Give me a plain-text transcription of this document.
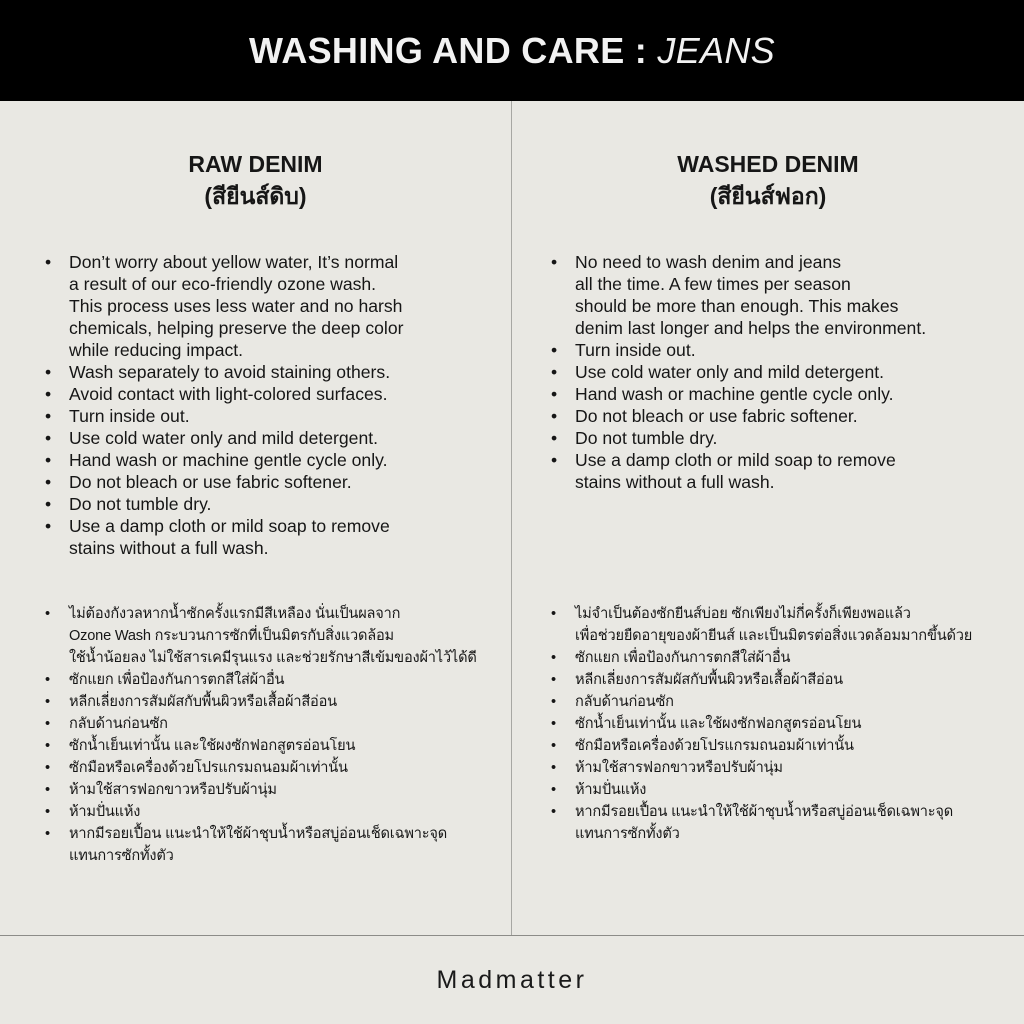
WASHING AND CARE : JEANS
RAW DENIM
(สียีนส์ดิบ)
• Don’t worry about yellow water, It’s normal
a result of our eco-friendly ozone wash.
This process uses less water and no harsh
chemicals, helping preserve the deep color
while reducing impact.
• Wash separately to avoid staining others.
• Avoid contact with light-colored surfaces.
• Turn inside out.
• Use cold water only and mild detergent.
• Hand wash or machine gentle cycle only.
• Do not bleach or use fabric softener.
• Do not tumble dry.
• Use a damp cloth or mild soap to remove
stains without a full wash.
• ไม่ต้องกังวลหากน้ำซักครั้งแรกมีสีเหลือง นั่นเป็นผลจาก
Ozone Wash กระบวนการซักที่เป็นมิตรกับสิ่งแวดล้อม
ใช้น้ำน้อยลง ไม่ใช้สารเคมีรุนแรง และช่วยรักษาสีเข้มของผ้าไว้ได้ดี
• ซักแยก เพื่อป้องกันการตกสีใส่ผ้าอื่น
• หลีกเลี่ยงการสัมผัสกับพื้นผิวหรือเสื้อผ้าสีอ่อน
• กลับด้านก่อนซัก
• ซักน้ำเย็นเท่านั้น และใช้ผงซักฟอกสูตรอ่อนโยน
• ซักมือหรือเครื่องด้วยโปรแกรมถนอมผ้าเท่านั้น
• ห้ามใช้สารฟอกขาวหรือปรับผ้านุ่ม
• ห้ามปั่นแห้ง
• หากมีรอยเปื้อน แนะนำให้ใช้ผ้าชุบน้ำหรือสบู่อ่อนเช็ดเฉพาะจุด
แทนการซักทั้งตัว
WASHED DENIM
(สียีนส์ฟอก)
• No need to wash denim and jeans
all the time. A few times per season
should be more than enough. This makes
denim last longer and helps the environment.
• Turn inside out.
• Use cold water only and mild detergent.
• Hand wash or machine gentle cycle only.
• Do not bleach or use fabric softener.
• Do not tumble dry.
• Use a damp cloth or mild soap to remove
stains without a full wash.
• ไม่จำเป็นต้องซักยีนส์บ่อย ซักเพียงไม่กี่ครั้งก็เพียงพอแล้ว
เพื่อช่วยยืดอายุของผ้ายีนส์ และเป็นมิตรต่อสิ่งแวดล้อมมากขึ้นด้วย
• ซักแยก เพื่อป้องกันการตกสีใส่ผ้าอื่น
• หลีกเลี่ยงการสัมผัสกับพื้นผิวหรือเสื้อผ้าสีอ่อน
• กลับด้านก่อนซัก
• ซักน้ำเย็นเท่านั้น และใช้ผงซักฟอกสูตรอ่อนโยน
• ซักมือหรือเครื่องด้วยโปรแกรมถนอมผ้าเท่านั้น
• ห้ามใช้สารฟอกขาวหรือปรับผ้านุ่ม
• ห้ามปั่นแห้ง
• หากมีรอยเปื้อน แนะนำให้ใช้ผ้าชุบน้ำหรือสบู่อ่อนเช็ดเฉพาะจุด
แทนการซักทั้งตัว
Madmatter
